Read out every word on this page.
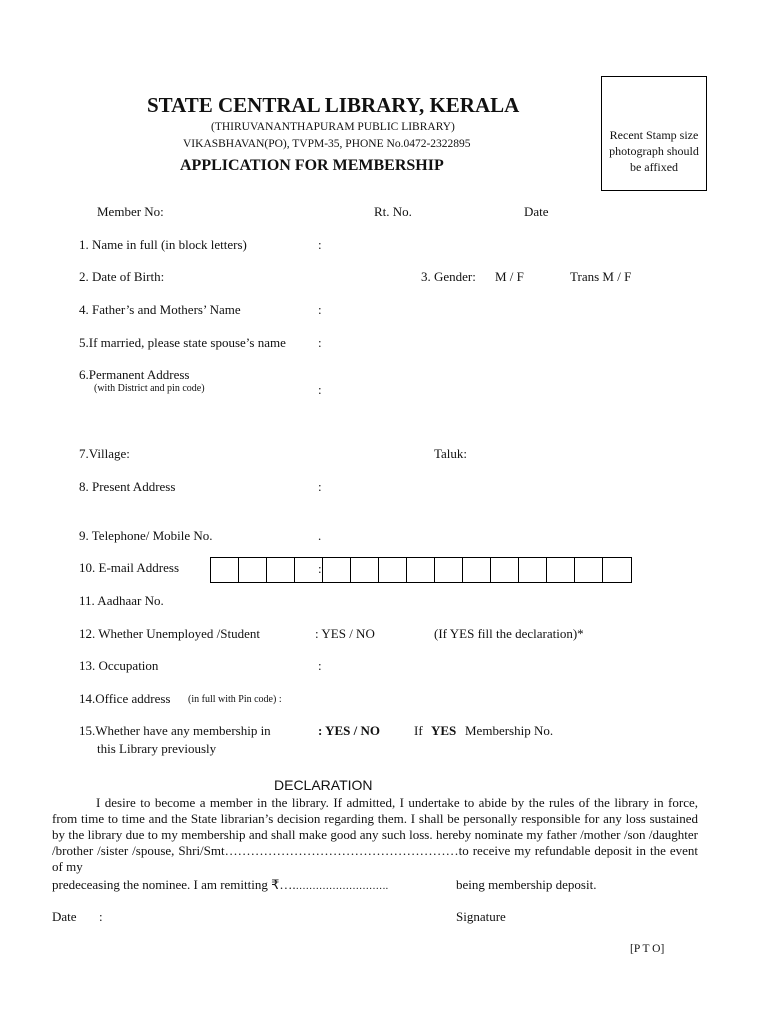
STATE CENTRAL LIBRARY, KERALA
(THIRUVANANTHAPURAM PUBLIC LIBRARY)
VIKASBHAVAN(PO), TVPM-35, PHONE No.0472-2322895
APPLICATION FOR MEMBERSHIP
Recent Stamp size photograph should be affixed
Member No:	Rt. No.	Date
1. Name in full (in block letters)	:
2. Date of Birth:	3. Gender: M / F	Trans M / F
4. Father’s and Mothers’ Name	:
5.If married, please state spouse’s name :
6.Permanent Address
(with District and pin code)	:
7.Village:	Taluk:
8. Present Address	:
9. Telephone/ Mobile No.	.
10. E-mail Address	:
11. Aadhaar No.
12. Whether Unemployed /Student	: YES / NO	(If YES fill the declaration)*
13. Occupation	:
14.Office address (in full with Pin code) :
15.Whether have any membership in
this Library previously
: YES / NO	If YES Membership No.
DECLARATION
I desire to become a member in the library. If admitted, I undertake to abide by the rules of the library in force, from time to time and the State librarian’s decision regarding them. I shall be personally responsible for any loss sustained by the library due to my membership and shall make good any such loss. hereby nominate my father /mother /son /daughter /brother /sister /spouse, Shri/Smt………………………………………………to receive my refundable deposit in the event of my
predeceasing the nominee. I am remitting ₹….……………………….	being membership deposit.
Date :	Signature
[P T O]
